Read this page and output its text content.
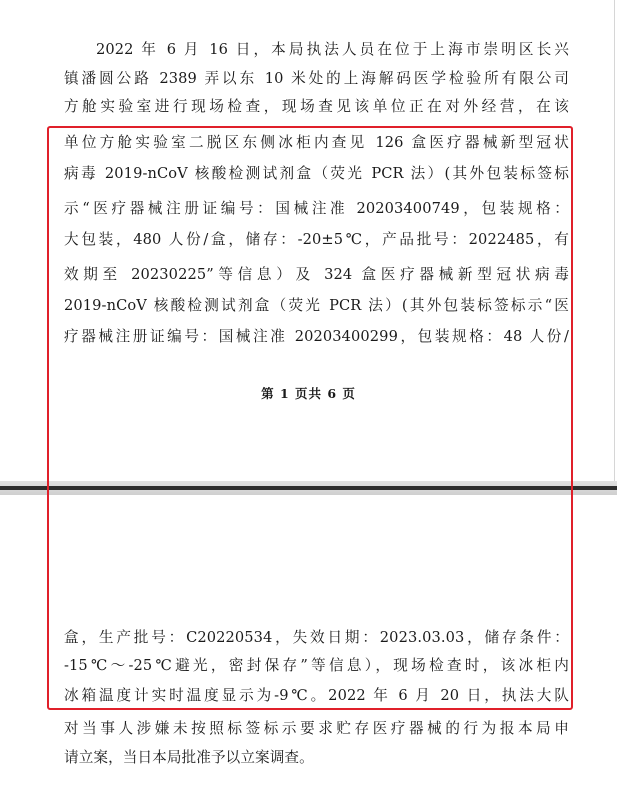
2022 年 6 月 16 日，本局执法人员在位于上海市崇明区长兴
镇潘圆公路 2389 弄以东 10 米处的上海解码医学检验所有限公司
方舱实验室进行现场检查，现场查见该单位正在对外经营，在该
单位方舱实验室二脱区东侧冰柜内查见 126 盒医疗器械新型冠状
病毒 2019-nCoV 核酸检测试剂盒（荧光 PCR 法）(其外包装标签标
示“医疗器械注册证编号：国械注准 20203400749，包装规格：
大包装，480 人份/盒，储存：-20±5℃，产品批号：2022485，有
效期至 20230225”等信息）及 324 盒医疗器械新型冠状病毒
2019-nCoV 核酸检测试剂盒（荧光 PCR 法）(其外包装标签标示“医
疗器械注册证编号：国械注准 20203400299，包装规格：48 人份/
第 1 页共 6 页
盒，生产批号：C20220534，失效日期：2023.03.03，储存条件：
-15℃～-25℃避光，密封保存”等信息），现场检查时，该冰柜内
冰箱温度计实时温度显示为-9℃。2022 年 6 月 20 日，执法大队
对当事人涉嫌未按照标签标示要求贮存医疗器械的行为报本局申
请立案，当日本局批准予以立案调查。
